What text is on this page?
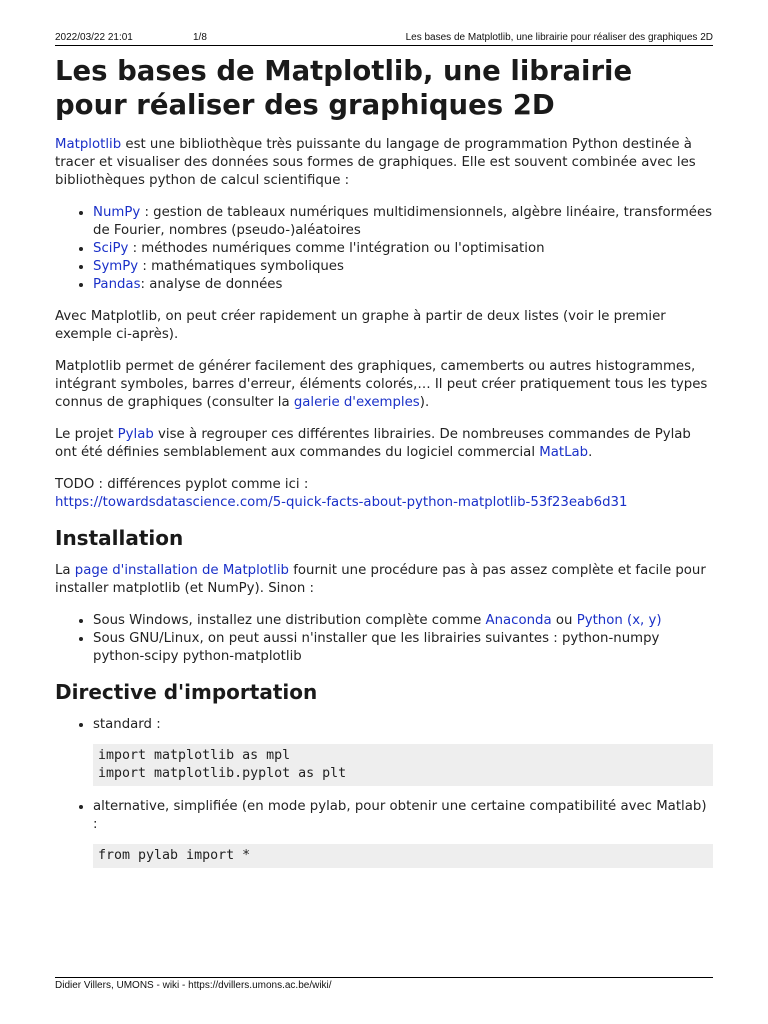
2022/03/22 21:01	1/8	Les bases de Matplotlib, une librairie pour réaliser des graphiques 2D
Les bases de Matplotlib, une librairie pour réaliser des graphiques 2D

Matplotlib est une bibliothèque très puissante du langage de programmation Python destinée à tracer et visualiser des données sous formes de graphiques. Elle est souvent combinée avec les bibliothèques python de calcul scientifique :

• NumPy : gestion de tableaux numériques multidimensionnels, algèbre linéaire, transformées de Fourier, nombres (pseudo-)aléatoires
• SciPy : méthodes numériques comme l'intégration ou l'optimisation
• SymPy : mathématiques symboliques
• Pandas: analyse de données

Avec Matplotlib, on peut créer rapidement un graphe à partir de deux listes (voir le premier exemple ci-après).

Matplotlib permet de générer facilement des graphiques, camemberts ou autres histogrammes, intégrant symboles, barres d'erreur, éléments colorés,… Il peut créer pratiquement tous les types connus de graphiques (consulter la galerie d'exemples).

Le projet Pylab vise à regrouper ces différentes librairies. De nombreuses commandes de Pylab ont été définies semblablement aux commandes du logiciel commercial MatLab.

TODO : différences pyplot comme ici :
https://towardsdatascience.com/5-quick-facts-about-python-matplotlib-53f23eab6d31

Installation

La page d'installation de Matplotlib fournit une procédure pas à pas assez complète et facile pour installer matplotlib (et NumPy). Sinon :

• Sous Windows, installez une distribution complète comme Anaconda ou Python (x, y)
• Sous GNU/Linux, on peut aussi n'installer que les librairies suivantes : python-numpy python-scipy python-matplotlib
Directive d'importation
• standard :
import matplotlib as mpl
import matplotlib.pyplot as plt
• alternative, simplifiée (en mode pylab, pour obtenir une certaine compatibilité avec Matlab) :
from pylab import *
Didier Villers, UMONS - wiki - https://dvillers.umons.ac.be/wiki/
